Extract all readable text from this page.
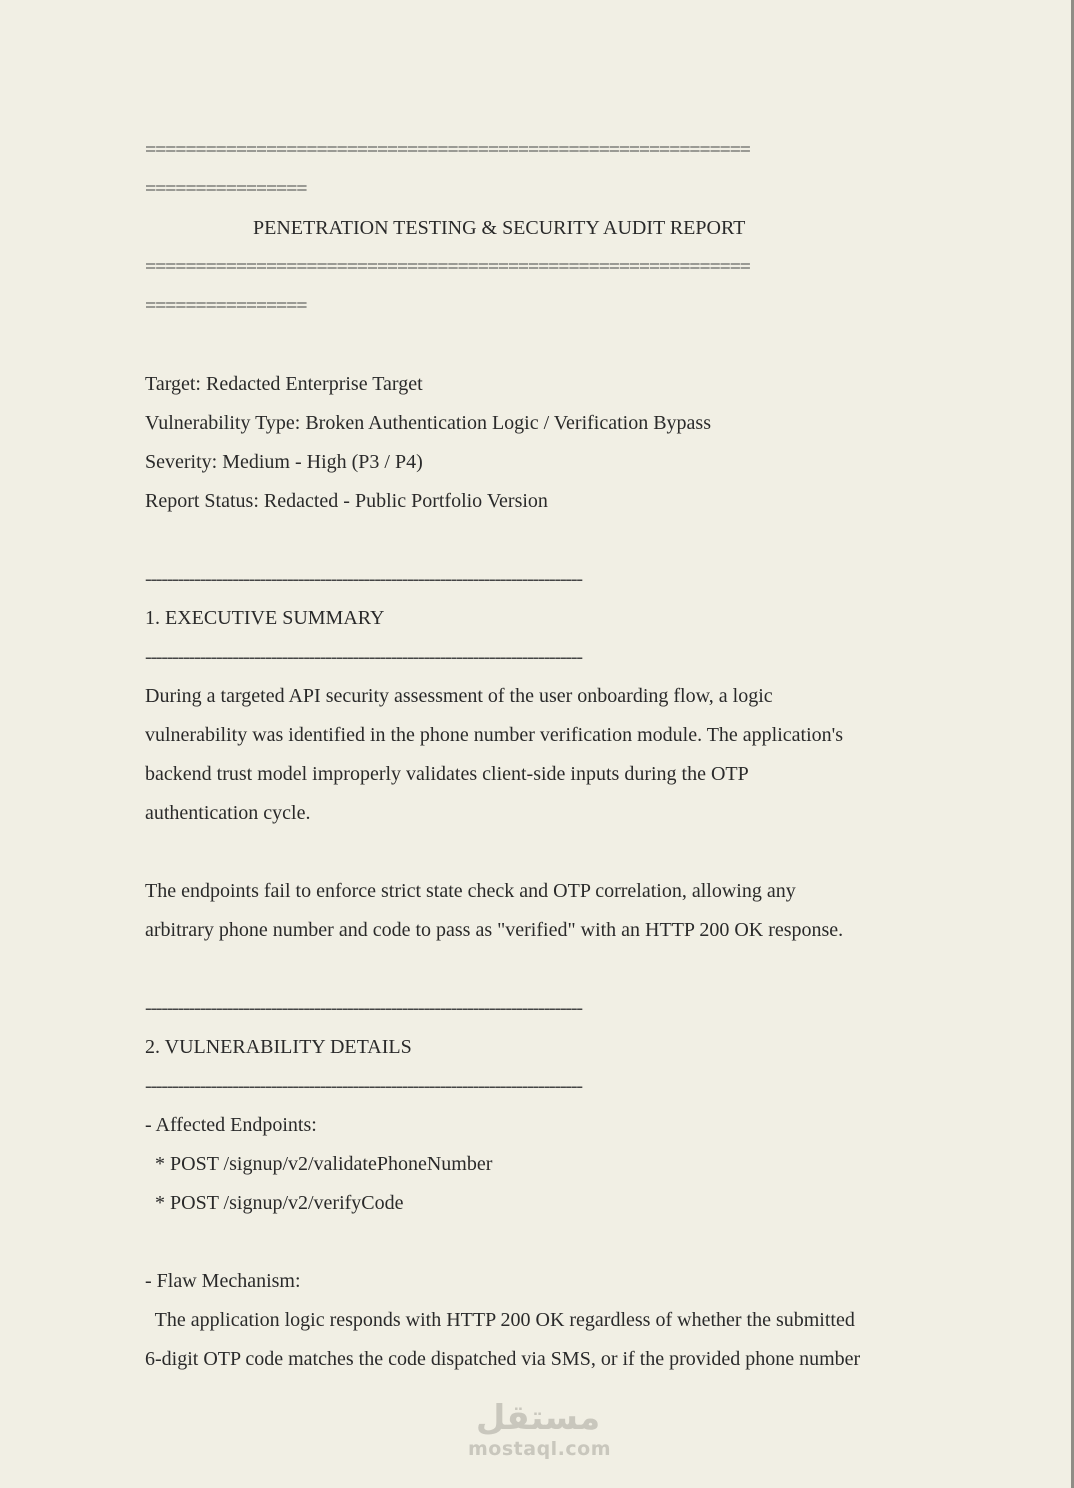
============================================================
================
PENETRATION TESTING & SECURITY AUDIT REPORT
============================================================
================
Target: Redacted Enterprise Target
Vulnerability Type: Broken Authentication Logic / Verification Bypass
Severity: Medium - High (P3 / P4)
Report Status: Redacted - Public Portfolio Version
--------------------------------------------------------------------------------
1. EXECUTIVE SUMMARY
--------------------------------------------------------------------------------
During a targeted API security assessment of the user onboarding flow, a logic
vulnerability was identified in the phone number verification module. The application's
backend trust model improperly validates client-side inputs during the OTP
authentication cycle.
The endpoints fail to enforce strict state check and OTP correlation, allowing any
arbitrary phone number and code to pass as "verified" with an HTTP 200 OK response.
--------------------------------------------------------------------------------
2. VULNERABILITY DETAILS
--------------------------------------------------------------------------------
- Affected Endpoints:
* POST /signup/v2/validatePhoneNumber
* POST /signup/v2/verifyCode
- Flaw Mechanism:
The application logic responds with HTTP 200 OK regardless of whether the submitted
6-digit OTP code matches the code dispatched via SMS, or if the provided phone number
مستقل
mostaql.com
